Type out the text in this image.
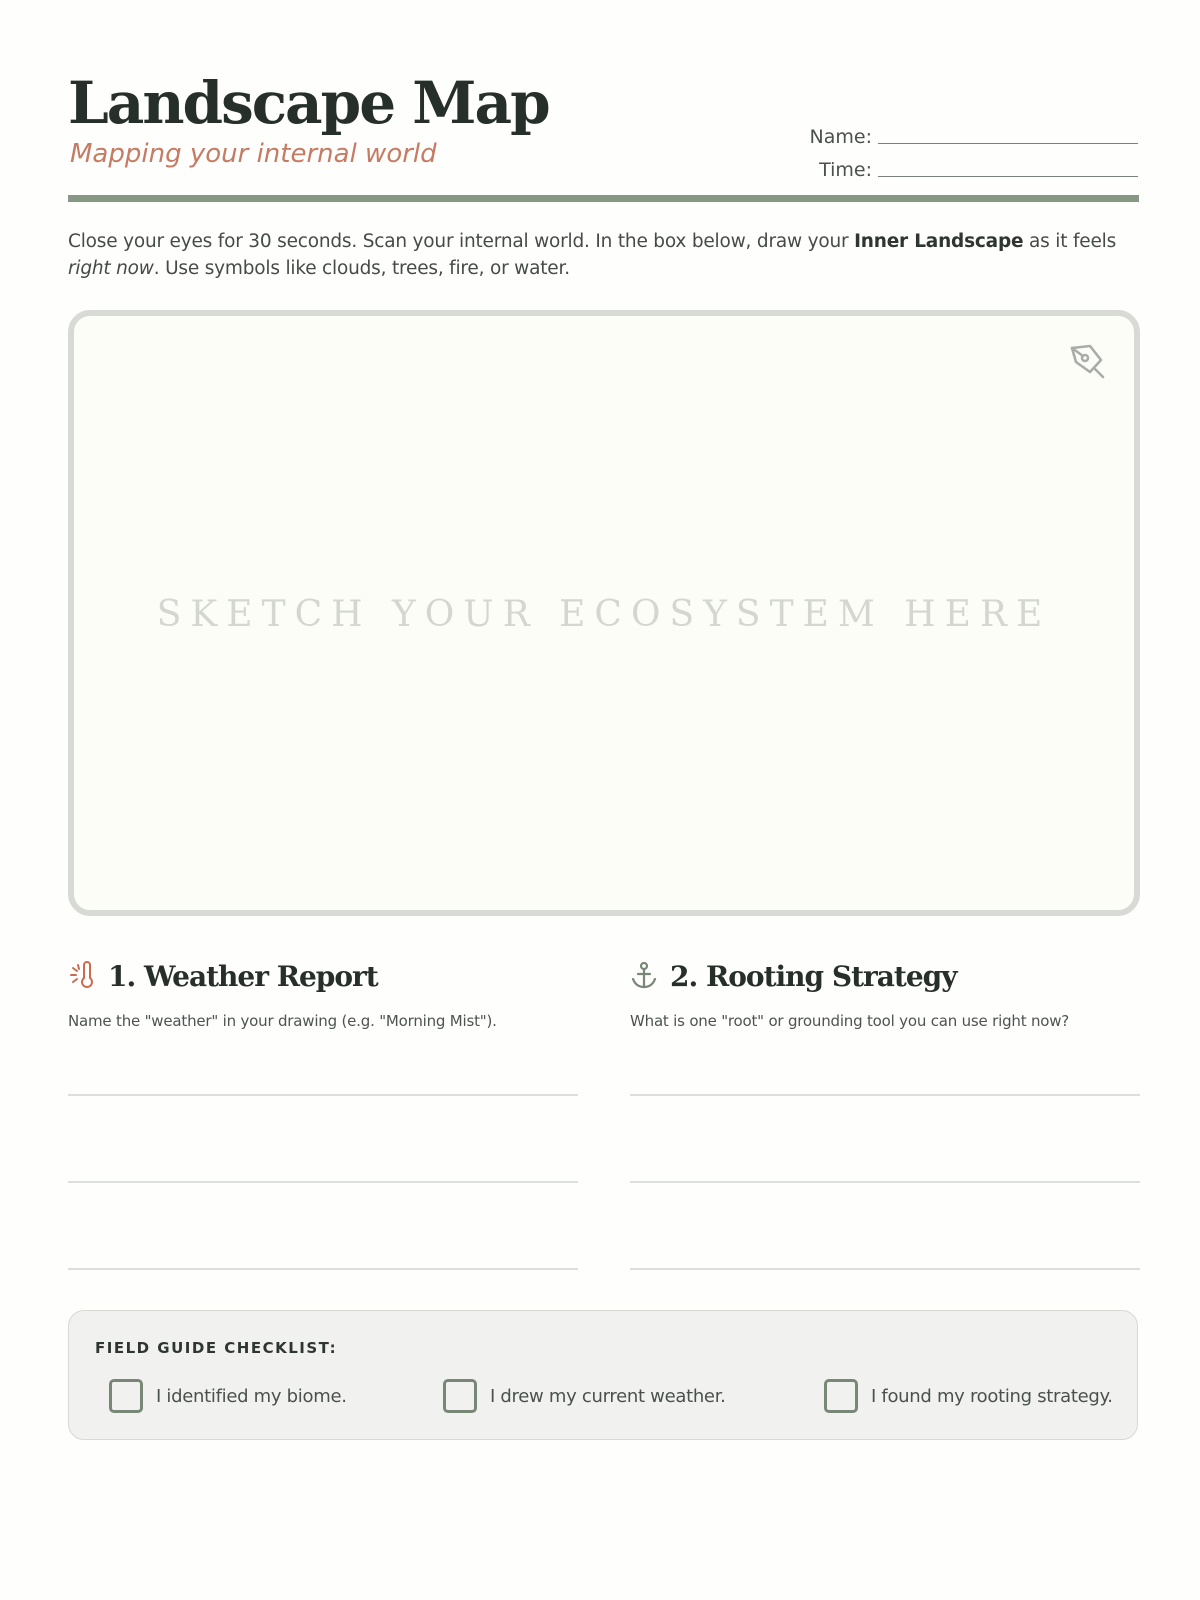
Landscape Map
Mapping your internal world
Name:
Time:
Close your eyes for 30 seconds. Scan your internal world. In the box below, draw your Inner Landscape as it feels right now. Use symbols like clouds, trees, fire, or water.
SKETCH YOUR ECOSYSTEM HERE
1. Weather Report
Name the "weather" in your drawing (e.g. "Morning Mist").
2. Rooting Strategy
What is one "root" or grounding tool you can use right now?
FIELD GUIDE CHECKLIST:
I identified my biome.	I drew my current weather.	I found my rooting strategy.
